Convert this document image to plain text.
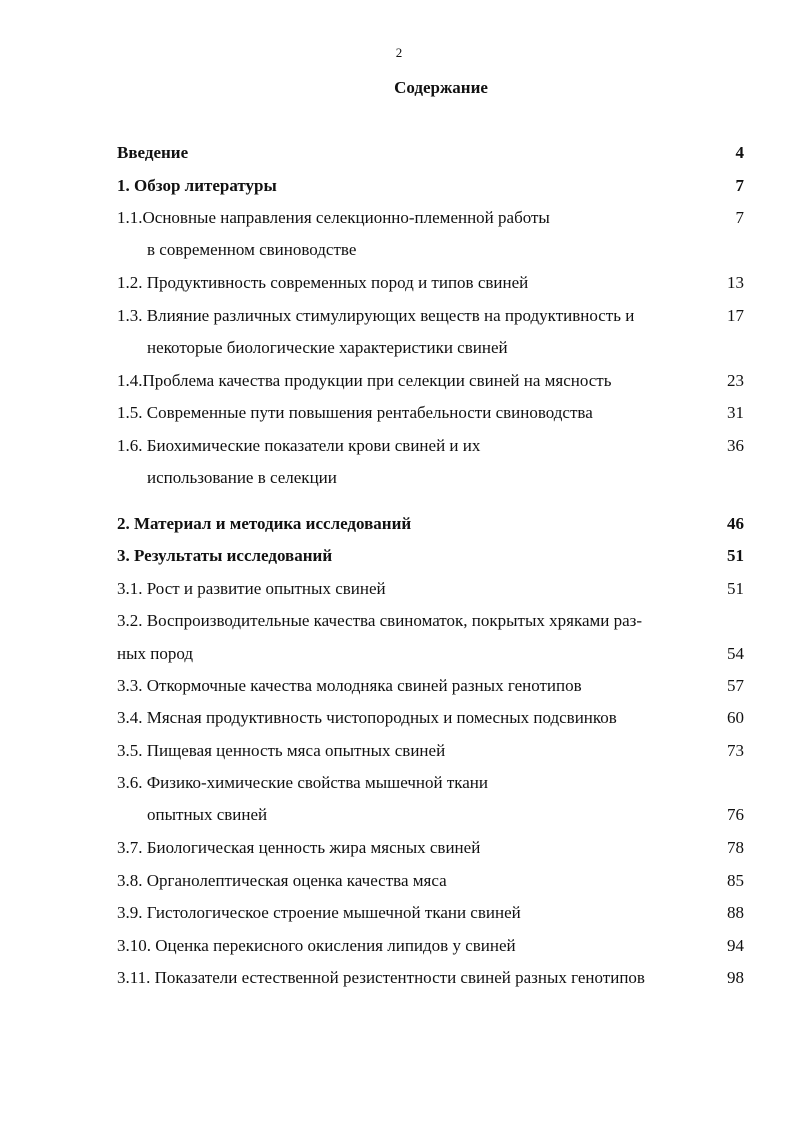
2
Содержание
Введение	4
1. Обзор литературы	7
1.1.Основные направления селекционно-племенной работы	7
в современном свиноводстве
1.2. Продуктивность современных пород и типов свиней	13
1.3. Влияние различных стимулирующих веществ на продуктивность и	17
некоторые биологические характеристики свиней
1.4.Проблема качества продукции при селекции свиней на мясность	23
1.5. Современные пути повышения рентабельности свиноводства	31
1.6. Биохимические показатели крови свиней и их	36
использование в селекции
2. Материал и методика исследований	46
3. Результаты исследований	51
3.1. Рост и развитие опытных свиней	51
3.2. Воспроизводительные качества свиноматок, покрытых хряками раз-
ных пород	54
3.3. Откормочные качества молодняка свиней разных генотипов	57
3.4. Мясная продуктивность чистопородных и помесных подсвинков	60
3.5. Пищевая ценность мяса опытных свиней	73
3.6. Физико-химические свойства мышечной ткани
опытных свиней	76
3.7. Биологическая ценность жира мясных свиней	78
3.8. Органолептическая оценка качества мяса	85
3.9. Гистологическое строение мышечной ткани свиней	88
3.10. Оценка перекисного окисления липидов у свиней	94
3.11. Показатели естественной резистентности свиней разных генотипов	98
